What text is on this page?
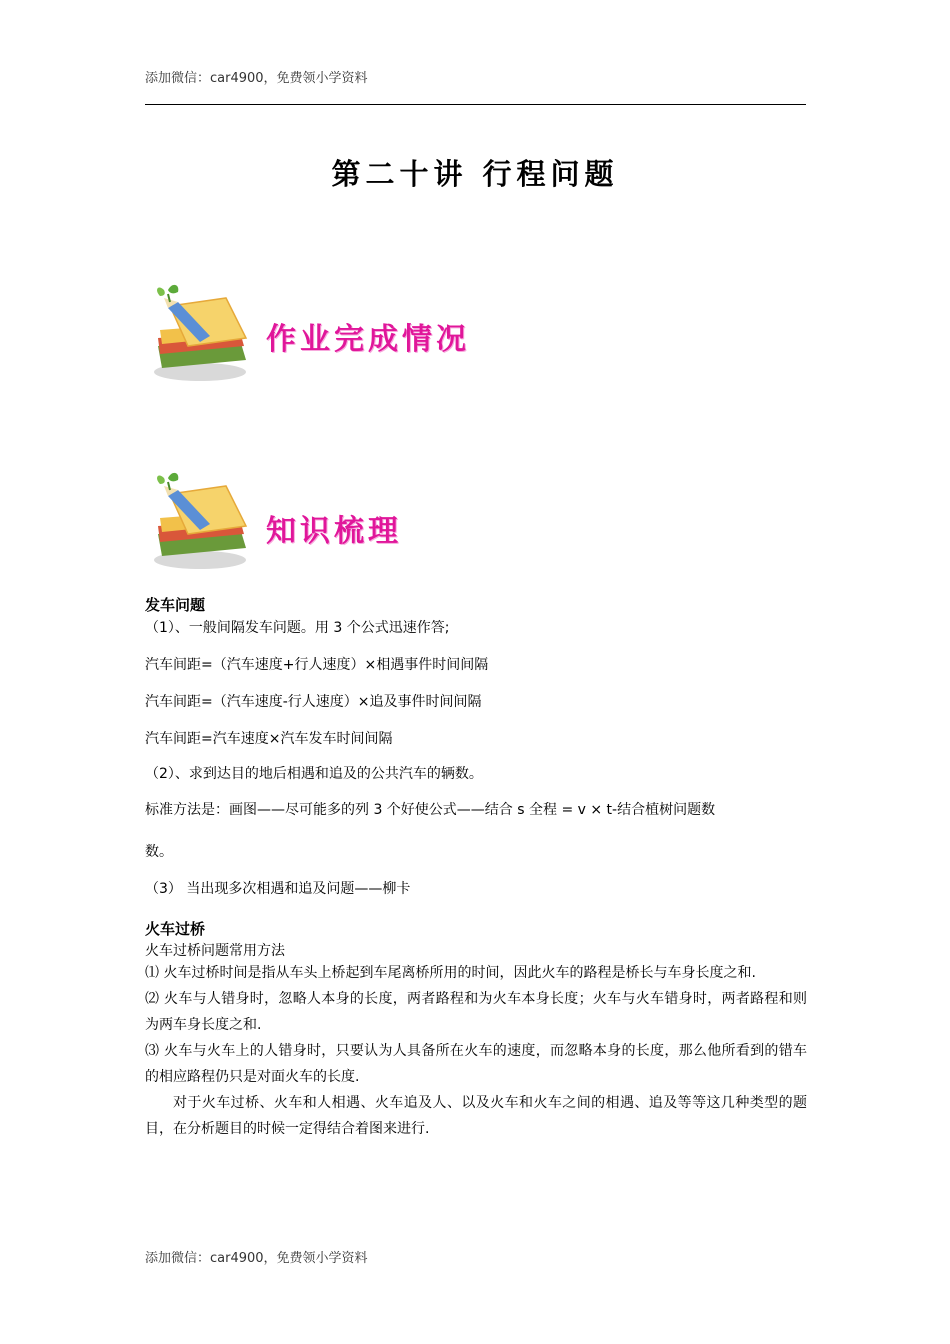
添加微信：car4900，免费领小学资料
第二十讲 行程问题
作业完成情况
知识梳理
发车问题
（1）、一般间隔发车问题。用 3 个公式迅速作答;
汽车间距=（汽车速度+行人速度）×相遇事件时间间隔
汽车间距=（汽车速度-行人速度）×追及事件时间间隔
汽车间距=汽车速度×汽车发车时间间隔
（2）、求到达目的地后相遇和追及的公共汽车的辆数。
标准方法是：画图——尽可能多的列 3 个好使公式——结合 s 全程 = v × t-结合植树问题数
数。
（3） 当出现多次相遇和追及问题——柳卡
火车过桥
火车过桥问题常用方法
⑴ 火车过桥时间是指从车头上桥起到车尾离桥所用的时间，因此火车的路程是桥长与车身长度之和.
⑵ 火车与人错身时，忽略人本身的长度，两者路程和为火车本身长度；火车与火车错身时，两者路程和则为两车身长度之和.
⑶ 火车与火车上的人错身时，只要认为人具备所在火车的速度，而忽略本身的长度，那么他所看到的错车的相应路程仍只是对面火车的长度.
对于火车过桥、火车和人相遇、火车追及人、以及火车和火车之间的相遇、追及等等这几种类型的题目，在分析题目的时候一定得结合着图来进行.
添加微信：car4900，免费领小学资料
